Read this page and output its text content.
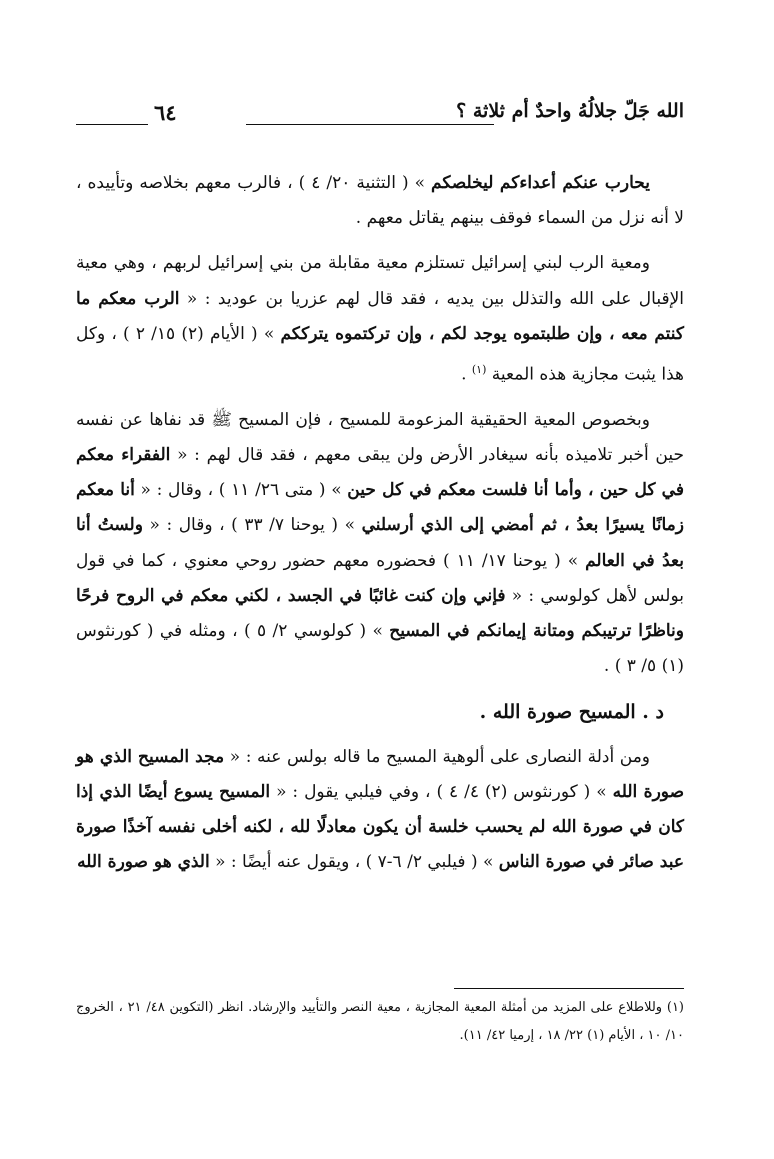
الله جَلّ جلالُهُ واحدٌ أم ثلاثة ؟
٦٤

يحارب عنكم أعداءكم ليخلصكم » ( التثنية ٢٠/ ٤ ) ، فالرب معهم بخلاصه وتأييده ، لا أنه نزل من السماء فوقف بينهم يقاتل معهم .

ومعية الرب لبني إسرائيل تستلزم معية مقابلة من بني إسرائيل لربهم ، وهي معية الإقبال على الله والتذلل بين يديه ، فقد قال لهم عزريا بن عوديد : « الرب معكم ما كنتم معه ، وإن طلبتموه يوجد لكم ، وإن تركتموه يترككم » ( الأيام (٢) ١٥/ ٢ ) ، وكل هذا يثبت مجازية هذه المعية $^{(١)}$ .

وبخصوص المعية الحقيقية المزعومة للمسيح ، فإن المسيح ﷺ قد نفاها عن نفسه حين أخبر تلاميذه بأنه سيغادر الأرض ولن يبقى معهم ، فقد قال لهم : « الفقراء معكم في كل حين ، وأما أنا فلست معكم في كل حين » ( متى ٢٦/ ١١ ) ، وقال : « أنا معكم زمانًا يسيرًا بعدُ ، ثم أمضي إلى الذي أرسلني » ( يوحنا ٧/ ٣٣ ) ، وقال : « ولستُ أنا بعدُ في العالم » ( يوحنا ١٧/ ١١ ) فحضوره معهم حضور روحي معنوي ، كما في قول بولس لأهل كولوسي : « فإني وإن كنت غائبًا في الجسد ، لكني معكم في الروح فرحًا وناظرًا ترتيبكم ومتانة إيمانكم في المسيح » ( كولوسي ٢/ ٥ ) ، ومثله في ( كورنثوس (١) ٥/ ٣ ) .

د . المسيح صورة الله .

ومن أدلة النصارى على ألوهية المسيح ما قاله بولس عنه : « مجد المسيح الذي هو صورة الله » ( كورنثوس (٢) ٤/ ٤ ) ، وفي فيلبي يقول : « المسيح يسوع أيضًا الذي إذا كان في صورة الله لم يحسب خلسة أن يكون معادلًا لله ، لكنه أخلى نفسه آخذًا صورة عبد صائر في صورة الناس » ( فيلبي ٢/ ٦-٧ ) ، ويقول عنه أيضًا : « الذي هو صورة الله

(١) وللاطلاع على المزيد من أمثلة المعية المجازية ، معية النصر والتأييد والإرشاد. انظر (التكوين ٤٨/ ٢١ ، الخروج ١٠/ ١٠ ، الأيام (١) ٢٢/ ١٨ ، إرميا ٤٢/ ١١).
